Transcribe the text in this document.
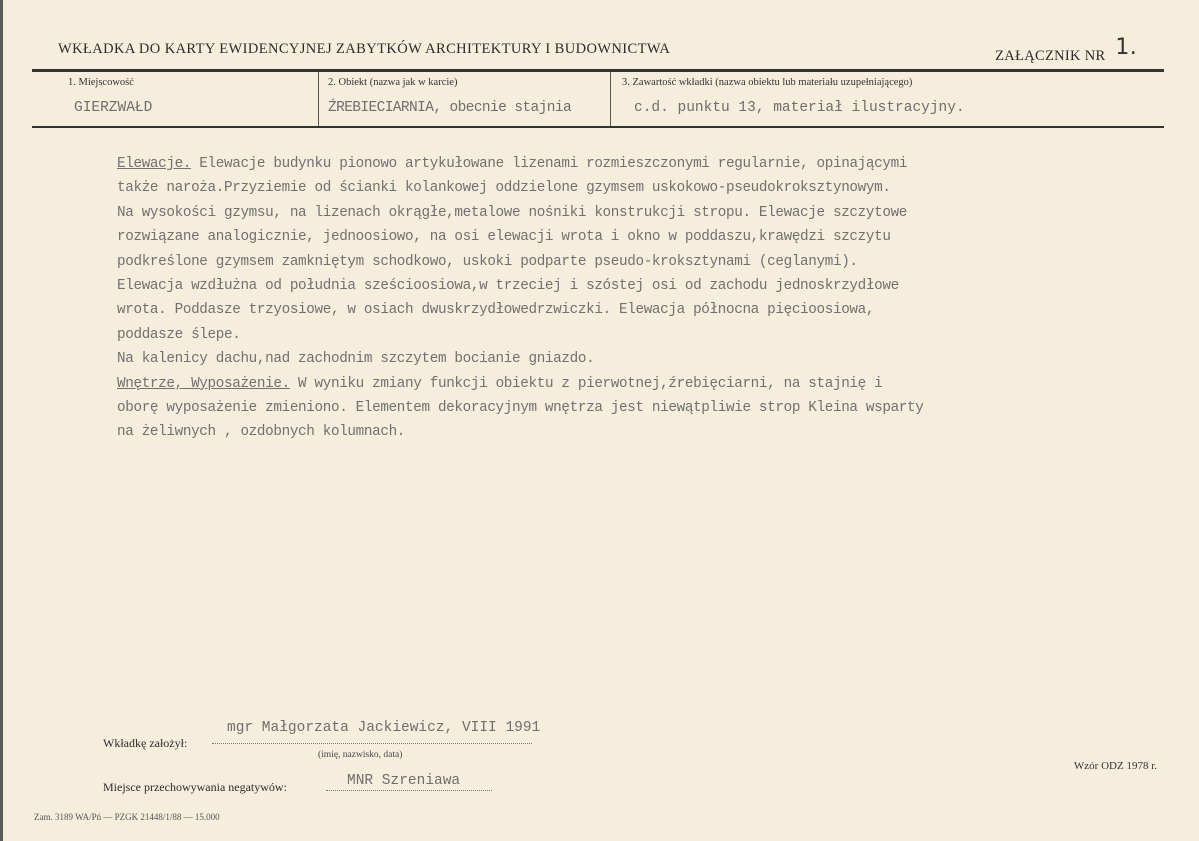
WKŁADKA DO KARTY EWIDENCYJNEJ ZABYTKÓW ARCHITEKTURY I BUDOWNICTWA	ZAŁĄCZNIK NR 1.
1. Miejscowość
GIERZWAŁD
2. Obiekt (nazwa jak w karcie)
ŹREBIECIARNIA, obecnie stajnia
3. Zawartość wkładki (nazwa obiektu lub materiału uzupełniającego)
c.d. punktu 13, materiał ilustracyjny.

Elewacje. Elewacje budynku pionowo artykułowane lizenami rozmieszczonymi regularnie, opinającymi

także naroża.Przyziemie od ścianki kolankowej oddzielone gzymsem uskokowo-pseudokroksztynowym.

Na wysokości gzymsu, na lizenach okrągłe,metalowe nośniki konstrukcji stropu. Elewacje szczytowe

rozwiązane analogicznie, jednoosiowo, na osi elewacji wrota i okno w poddaszu,krawędzi szczytu

podkreślone gzymsem zamkniętym schodkowo, uskoki podparte pseudo-kroksztynami (ceglanymi).

Elewacja wzdłużna od południa sześcioosiowa,w trzeciej i szóstej osi od zachodu jednoskrzydłowe

wrota. Poddasze trzyosiowe, w osiach dwuskrzydłowedrzwiczki. Elewacja północna pięcioosiowa,

poddasze ślepe.

Na kalenicy dachu,nad zachodnim szczytem bocianie gniazdo.

Wnętrze, Wyposażenie. W wyniku zmiany funkcji obiektu z pierwotnej,źrebięciarni, na stajnię i

oborę wyposażenie zmieniono. Elementem dekoracyjnym wnętrza jest niewątpliwie strop Kleina wsparty

na żeliwnych , ozdobnych kolumnach.

Wkładkę założył:
mgr Małgorzata Jackiewicz, VIII 1991
(imię, nazwisko, data)
Miejsce przechowywania negatywów:	MNR Szreniawa
Wzór ODZ 1978 r.
Zam. 3189 WA/Pń — PZGK 21448/1/88 — 15.000
